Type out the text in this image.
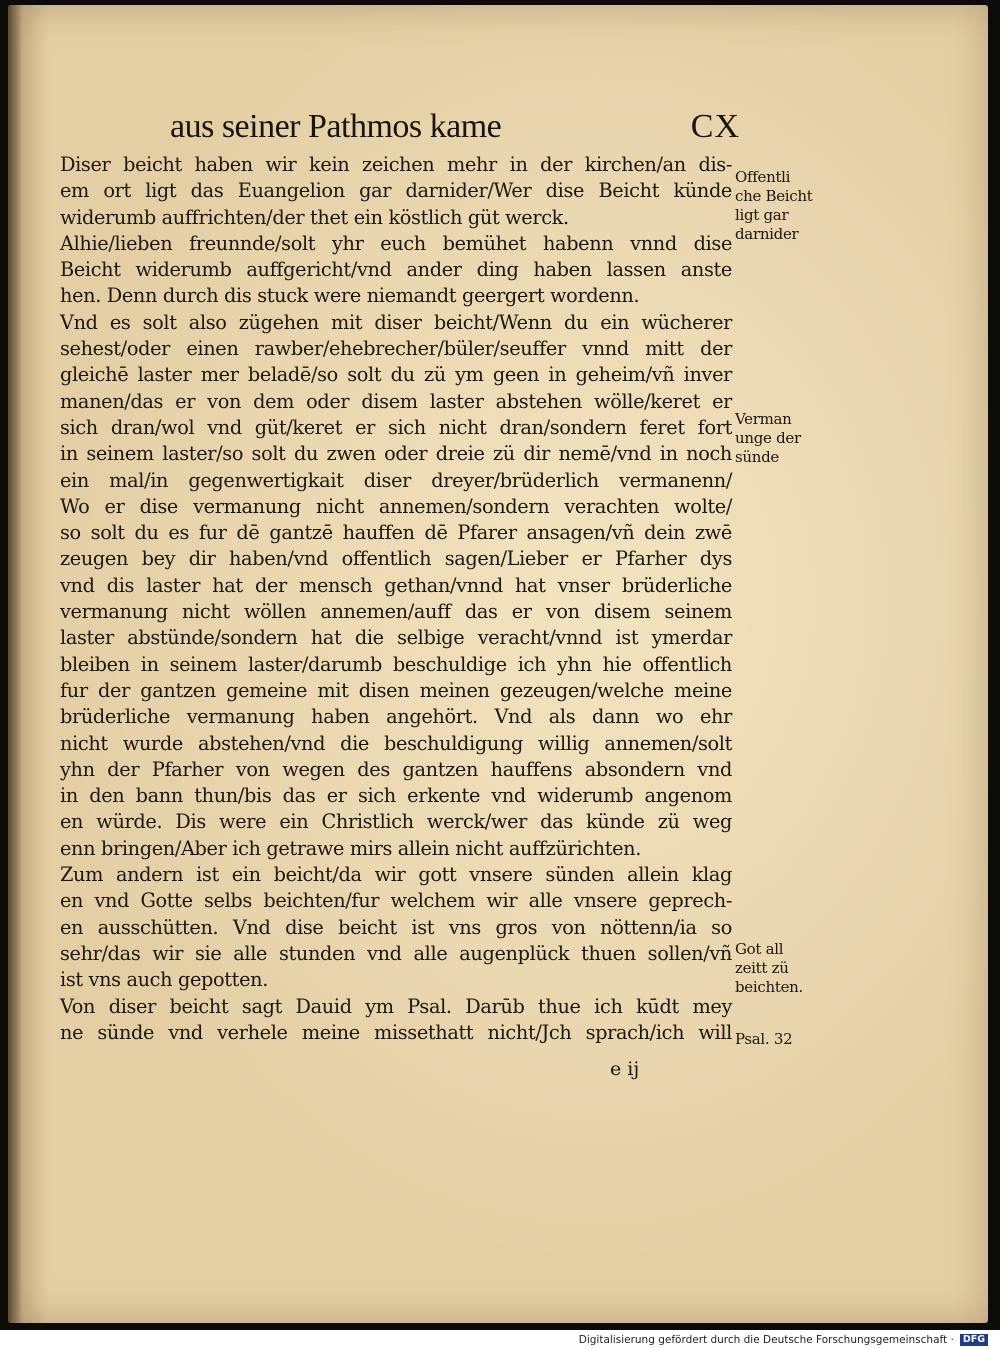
aus seiner Pathmos kame	CX
Diser beicht haben wir kein zeichen mehr in der kirchen/an dis-
em ort ligt das Euangelion gar darnider/Wer dise Beicht künde
widerumb auffrichten/der thet ein köstlich güt werck.
Alhie/lieben freunnde/solt yhr euch bemühet habenn vnnd dise
Beicht widerumb auffgericht/vnd ander ding haben lassen anste
hen. Denn durch dis stuck were niemandt geergert wordenn.
Vnd es solt also zügehen mit diser beicht/Wenn du ein wücherer
sehest/oder einen rawber/ehebrecher/büler/seuffer vnnd mitt der
gleichē laster mer beladē/so solt du zü ym geen in geheim/vñ inver
manen/das er von dem oder disem laster abstehen wölle/keret er
sich dran/wol vnd güt/keret er sich nicht dran/sondern feret fort
in seinem laster/so solt du zwen oder dreie zü dir nemē/vnd in noch
ein mal/in gegenwertigkait diser dreyer/brüderlich vermanenn/
Wo er dise vermanung nicht annemen/sondern verachten wolte/
so solt du es fur dē gantzē hauffen dē Pfarer ansagen/vñ dein zwē
zeugen bey dir haben/vnd offentlich sagen/Lieber er Pfarher dys
vnd dis laster hat der mensch gethan/vnnd hat vnser brüderliche
vermanung nicht wöllen annemen/auff das er von disem seinem
laster abstünde/sondern hat die selbige veracht/vnnd ist ymerdar
bleiben in seinem laster/darumb beschuldige ich yhn hie offentlich
fur der gantzen gemeine mit disen meinen gezeugen/welche meine
brüderliche vermanung haben angehört. Vnd als dann wo ehr
nicht wurde abstehen/vnd die beschuldigung willig annemen/solt
yhn der Pfarher von wegen des gantzen hauffens absondern vnd
in den bann thun/bis das er sich erkente vnd widerumb angenom
en würde. Dis were ein Christlich werck/wer das künde zü weg
enn bringen/Aber ich getrawe mirs allein nicht auffzürichten.
Zum andern ist ein beicht/da wir gott vnsere sünden allein klag
en vnd Gotte selbs beichten/fur welchem wir alle vnsere geprech-
en ausschütten. Vnd dise beicht ist vns gros von nöttenn/ia so
sehr/das wir sie alle stunden vnd alle augenplück thuen sollen/vñ
ist vns auch gepotten.
Von diser beicht sagt Dauid ym Psal. Darūb thue ich kūdt mey
ne sünde vnd verhele meine missethatt nicht/Jch sprach/ich will
Offentli
che Beicht
ligt gar
darnider
Verman
unge der
sünde
Got all
zeitt zü
beichten.
Psal. 32
e ij
Digitalisierung gefördert durch die Deutsche Forschungsgemeinschaft · DFG
